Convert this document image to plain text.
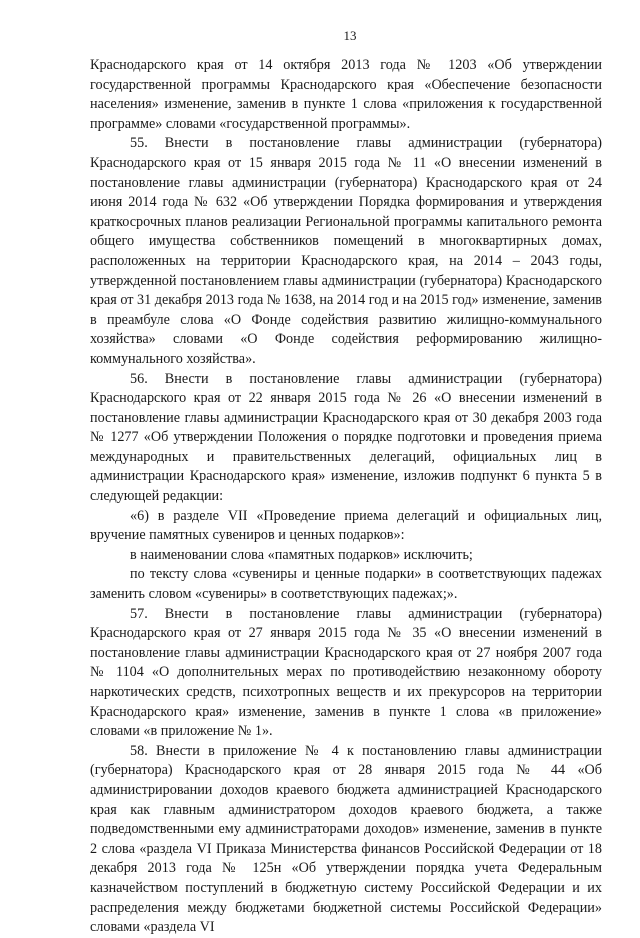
13

Краснодарского края от 14 октября 2013 года № 1203 «Об утверждении государственной программы Краснодарского края «Обеспечение безопасности населения» изменение, заменив в пункте 1 слова «приложения к государственной программе» словами «государственной программы».

55. Внести в постановление главы администрации (губернатора) Краснодарского края от 15 января 2015 года № 11 «О внесении изменений в постановление главы администрации (губернатора) Краснодарского края от 24 июня 2014 года № 632 «Об утверждении Порядка формирования и утверждения краткосрочных планов реализации Региональной программы капитального ремонта общего имущества собственников помещений в многоквартирных домах, расположенных на территории Краснодарского края, на 2014 – 2043 годы, утвержденной постановлением главы администрации (губернатора) Краснодарского края от 31 декабря 2013 года № 1638, на 2014 год и на 2015 год» изменение, заменив в преамбуле слова «О Фонде содействия развитию жилищно-коммунального хозяйства» словами «О Фонде содействия реформированию жилищно-коммунального хозяйства».

56. Внести в постановление главы администрации (губернатора) Краснодарского края от 22 января 2015 года № 26 «О внесении изменений в постановление главы администрации Краснодарского края от 30 декабря 2003 года № 1277 «Об утверждении Положения о порядке подготовки и проведения приема международных и правительственных делегаций, официальных лиц в администрации Краснодарского края» изменение, изложив подпункт 6 пункта 5 в следующей редакции:

«6) в разделе VII «Проведение приема делегаций и официальных лиц, вручение памятных сувениров и ценных подарков»:

в наименовании слова «памятных подарков» исключить;

по тексту слова «сувениры и ценные подарки» в соответствующих падежах заменить словом «сувениры» в соответствующих падежах;».

57. Внести в постановление главы администрации (губернатора) Краснодарского края от 27 января 2015 года № 35 «О внесении изменений в постановление главы администрации Краснодарского края от 27 ноября 2007 года № 1104 «О дополнительных мерах по противодействию незаконному обороту наркотических средств, психотропных веществ и их прекурсоров на территории Краснодарского края» изменение, заменив в пункте 1 слова «в приложение» словами «в приложение № 1».

58. Внести в приложение № 4 к постановлению главы администрации (губернатора) Краснодарского края от 28 января 2015 года № 44 «Об администрировании доходов краевого бюджета администрацией Краснодарского края как главным администратором доходов краевого бюджета, а также подведомственными ему администраторами доходов» изменение, заменив в пункте 2 слова «раздела VI Приказа Министерства финансов Российской Федерации от 18 декабря 2013 года № 125н «Об утверждении порядка учета Федеральным казначейством поступлений в бюджетную систему Российской Федерации и их распределения между бюджетами бюджетной системы Российской Федерации» словами «раздела VI
